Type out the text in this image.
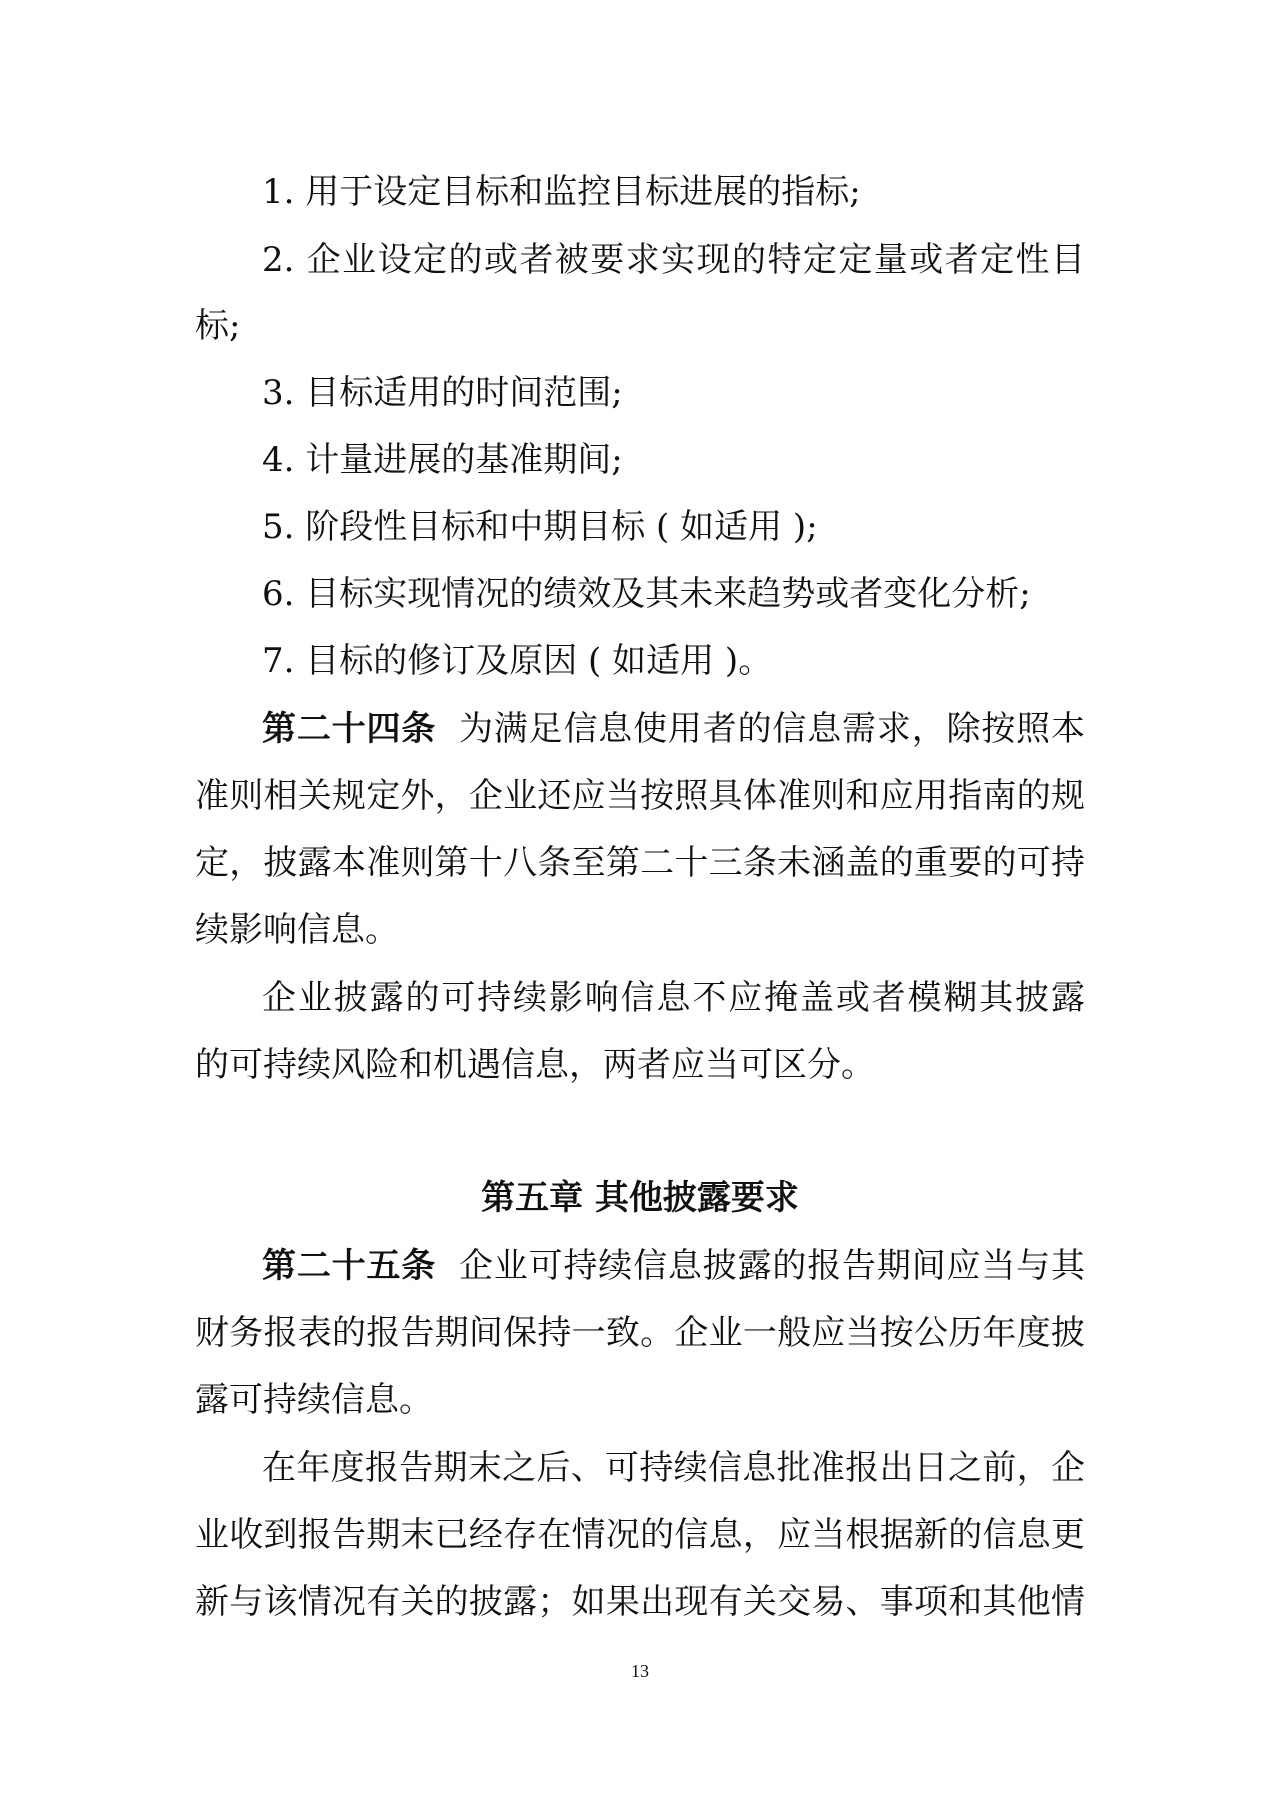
1. 用于设定目标和监控目标进展的指标;
2. 企业设定的或者被要求实现的特定定量或者定性目
标;
3. 目标适用的时间范围;
4. 计量进展的基准期间;
5. 阶段性目标和中期目标 ( 如适用 );
6. 目标实现情况的绩效及其未来趋势或者变化分析;
7. 目标的修订及原因 ( 如适用 )。
第二十四条 为满足信息使用者的信息需求，除按照本
准则相关规定外，企业还应当按照具体准则和应用指南的规
定，披露本准则第十八条至第二十三条未涵盖的重要的可持
续影响信息。
企业披露的可持续影响信息不应掩盖或者模糊其披露
的可持续风险和机遇信息，两者应当可区分。
第五章 其他披露要求
第二十五条 企业可持续信息披露的报告期间应当与其
财务报表的报告期间保持一致。企业一般应当按公历年度披
露可持续信息。
在年度报告期末之后、可持续信息批准报出日之前，企
业收到报告期末已经存在情况的信息，应当根据新的信息更
新与该情况有关的披露；如果出现有关交易、事项和其他情
13
